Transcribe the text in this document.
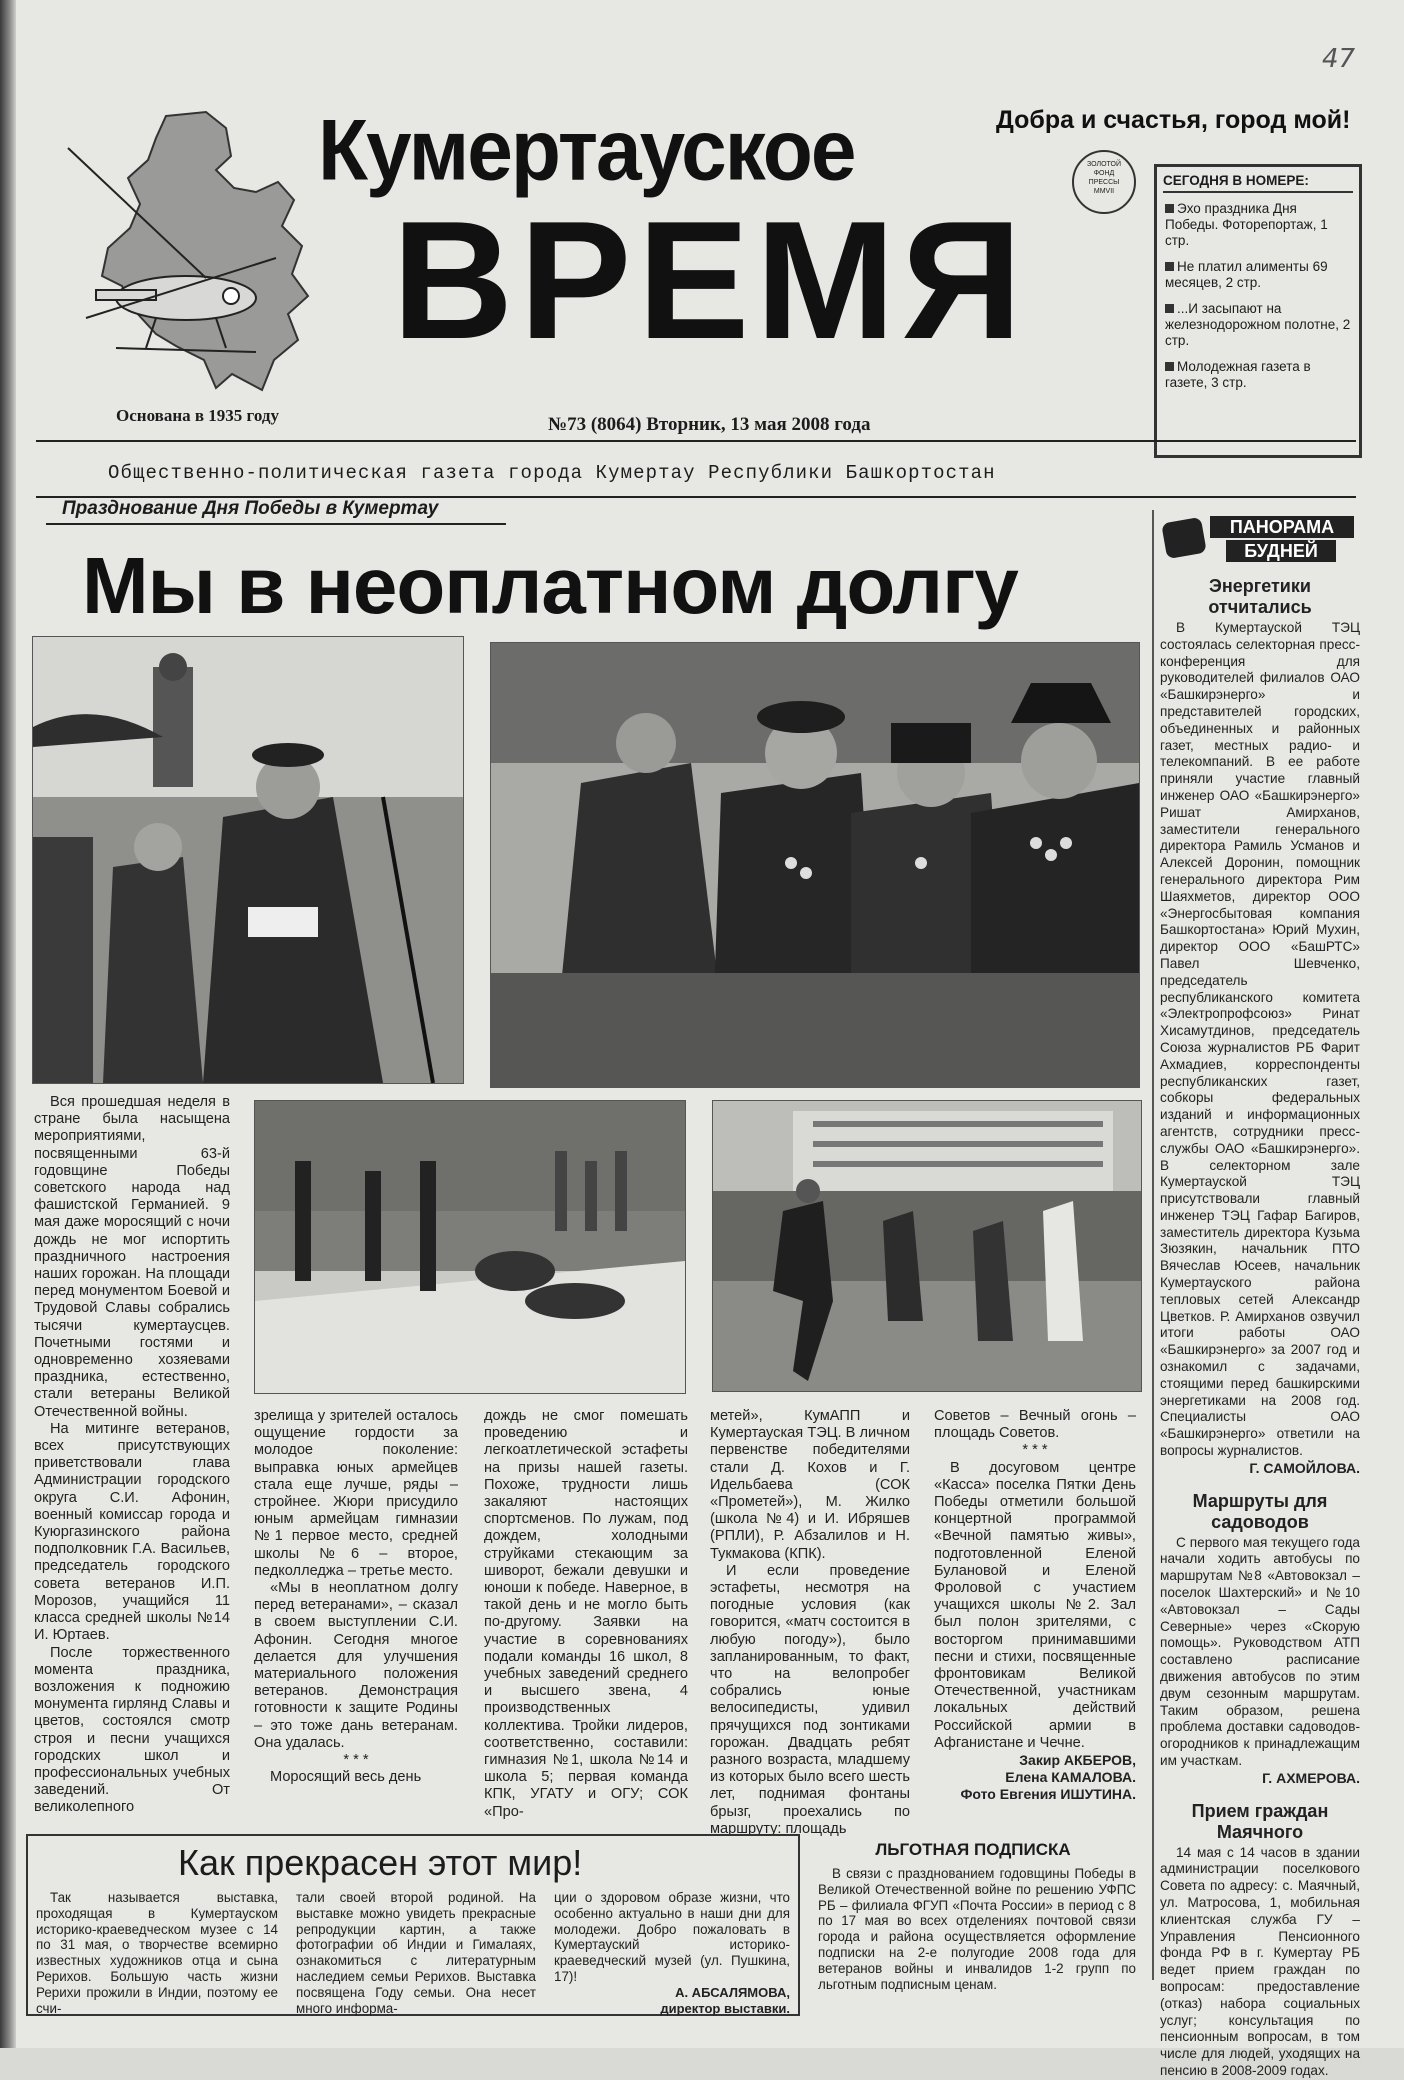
47
Кумертауское
ВРЕМЯ
Добра и счастья, город мой!
ЗОЛОТОЙ
ФОНД
ПРЕССЫ
MMVII
Основана в 1935 году	№73 (8064) Вторник, 13 мая 2008 года
СЕГОДНЯ В НОМЕРЕ:
Эхо праздника Дня Победы. Фоторепортаж, 1 стр.
Не платил алименты 69 месяцев, 2 стр.
...И засыпают на железнодорожном полотне, 2 стр.
Молодежная газета в газете, 3 стр.
Общественно-политическая газета города Кумертау Республики Башкортостан
Празднование Дня Победы в Кумертау
Мы в неоплатном долгу

Вся прошедшая неделя в стране была насыщена мероприятиями, посвященными 63-й годовщине Победы советского народа над фашистской Германией. 9 мая даже моросящий с ночи дождь не мог испортить праздничного настроения наших горожан. На площади перед монументом Боевой и Трудовой Славы собрались тысячи кумертаусцев. Почетными гостями и одновременно хозяевами праздника, естественно, стали ветераны Великой Отечественной войны.

На митинге ветеранов, всех присутствующих приветствовали глава Администрации городского округа С.И. Афонин, военный комиссар города и Куюргазинского района подполковник Г.А. Васильев, председатель городского совета ветеранов И.П. Морозов, учащийся 11 класса средней школы №14 И. Юртаев.

После торжественного момента праздника, возложения к подножию монумента гирлянд Славы и цветов, состоялся смотр строя и песни учащихся городских школ и профессиональных учебных заведений. От великолепного

зрелища у зрителей осталось ощущение гордости за молодое поколение: выправка юных армейцев стала еще лучше, ряды – стройнее. Жюри присудило юным армейцам гимназии №1 первое место, средней школы №6 – второе, педколледжа – третье место.

«Мы в неоплатном долгу перед ветеранами», – сказал в своем выступлении С.И. Афонин. Сегодня многое делается для улучшения материального положения ветеранов. Демонстрация готовности к защите Родины – это тоже дань ветеранам. Она удалась.

* * *

Моросящий весь день

дождь не смог помешать проведению и легкоатлетической эстафеты на призы нашей газеты. Похоже, трудности лишь закаляют настоящих спортсменов. По лужам, под дождем, холодными струйками стекающим за шиворот, бежали девушки и юноши к победе. Наверное, в такой день и не могло быть по-другому. Заявки на участие в соревнованиях подали команды 16 школ, 8 учебных заведений среднего и высшего звена, 4 производственных коллектива. Тройки лидеров, соответственно, составили: гимназия №1, школа №14 и школа 5; первая команда КПК, УГАТУ и ОГУ; СОК «Про-

метей», КумАПП и Кумертауская ТЭЦ. В личном первенстве победителями стали Д. Кохов и Г. Идельбаева (СОК «Прометей»), М. Жилко (школа №4) и И. Ибряшев (РПЛИ), Р. Абзалилов и Н. Тукмакова (КПК).

И если проведение эстафеты, несмотря на погодные условия (как говорится, «матч состоится в любую погоду»), было запланированным, то факт, что на велопробег собрались юные велосипедисты, удивил прячущихся под зонтиками горожан. Двадцать ребят разного возраста, младшему из которых было всего шесть лет, поднимая фонтаны брызг, проехались по маршруту: площадь

Советов – Вечный огонь – площадь Советов.

* * *

В досуговом центре «Касса» поселка Пятки День Победы отметили большой концертной программой «Вечной памятью живы», подготовленной Еленой Булановой и Еленой Фроловой с участием учащихся школы №2. Зал был полон зрителями, с восторгом принимавшими песни и стихи, посвященные фронтовикам Великой Отечественной, участникам локальных действий Российской армии в Афганистане и Чечне.

Закир АКБЕРОВ,

Елена КАМАЛОВА.

Фото Евгения ИШУТИНА.

ПАНОРАМА
БУДНЕЙ
Энергетики отчитались

В Кумертауской ТЭЦ состоялась селекторная пресс-конференция для руководителей филиалов ОАО «Башкирэнерго» и представителей городских, объединенных и районных газет, местных радио- и телекомпаний. В ее работе приняли участие главный инженер ОАО «Башкирэнерго» Ришат Амирханов, заместители генерального директора Рамиль Усманов и Алексей Доронин, помощник генерального директора Рим Шаяхметов, директор ООО «Энергосбытовая компания Башкортостана» Юрий Мухин, директор ООО «БашРТС» Павел Шевченко, председатель республиканского комитета «Электропрофсоюз» Ринат Хисамутдинов, председатель Союза журналистов РБ Фарит Ахмадиев, корреспонденты республиканских газет, собкоры федеральных изданий и информационных агентств, сотрудники пресс-службы ОАО «Башкирэнерго». В селекторном зале Кумертауской ТЭЦ присутствовали главный инженер ТЭЦ Гафар Багиров, заместитель директора Кузьма Зюзякин, начальник ПТО Вячеслав Юсеев, начальник Кумертауского района тепловых сетей Александр Цветков. Р. Амирханов озвучил итоги работы ОАО «Башкирэнерго» за 2007 год и ознакомил с задачами, стоящими перед башкирскими энергетиками на 2008 год. Специалисты ОАО «Башкирэнерго» ответили на вопросы журналистов.

Г. САМОЙЛОВА.

Маршруты для садоводов

С первого мая текущего года начали ходить автобусы по маршрутам №8 «Автовокзал – поселок Шахтерский» и №10 «Автовокзал – Сады Северные» через «Скорую помощь». Руководством АТП составлено расписание движения автобусов по этим двум сезонным маршрутам. Таким образом, решена проблема доставки садоводов-огородников к принадлежащим им участкам.

Г. АХМЕРОВА.

Прием граждан Маячного

14 мая с 14 часов в здании администрации поселкового Совета по адресу: с. Маячный, ул. Матросова, 1, мобильная клиентская служба ГУ – Управления Пенсионного фонда РФ в г. Кумертау РБ ведет прием граждан по вопросам: предоставление (отказ) набора социальных услуг; консультация по пенсионным вопросам, в том числе для людей, уходящих на пенсию в 2008-2009 годах.

Как прекрасен этот мир!
Так называется выставка, проходящая в Кумертауском историко-краеведческом музее с 14 по 31 мая, о творчестве всемирно известных художников отца и сына Рерихов. Большую часть жизни Рерихи прожили в Индии, поэтому ее счи-
тали своей второй родиной. На выставке можно увидеть прекрасные репродукции картин, а также фотографии об Индии и Гималаях, ознакомиться с литературным наследием семьи Рерихов. Выставка посвящена Году семьи. Она несет много информа-

ции о здоровом образе жизни, что особенно актуально в наши дни для молодежи. Добро пожаловать в Кумертауский историко-краеведческий музей (ул. Пушкина, 17)!

А. АБСАЛЯМОВА,

директор выставки.

ЛЬГОТНАЯ ПОДПИСКА
В связи с празднованием годовщины Победы в Великой Отечественной войне по решению УФПС РБ – филиала ФГУП «Почта России» в период с 8 по 17 мая во всех отделениях почтовой связи города и района осуществляется оформление подписки на 2-е полугодие 2008 года для ветеранов войны и инвалидов 1-2 групп по льготным подписным ценам.
